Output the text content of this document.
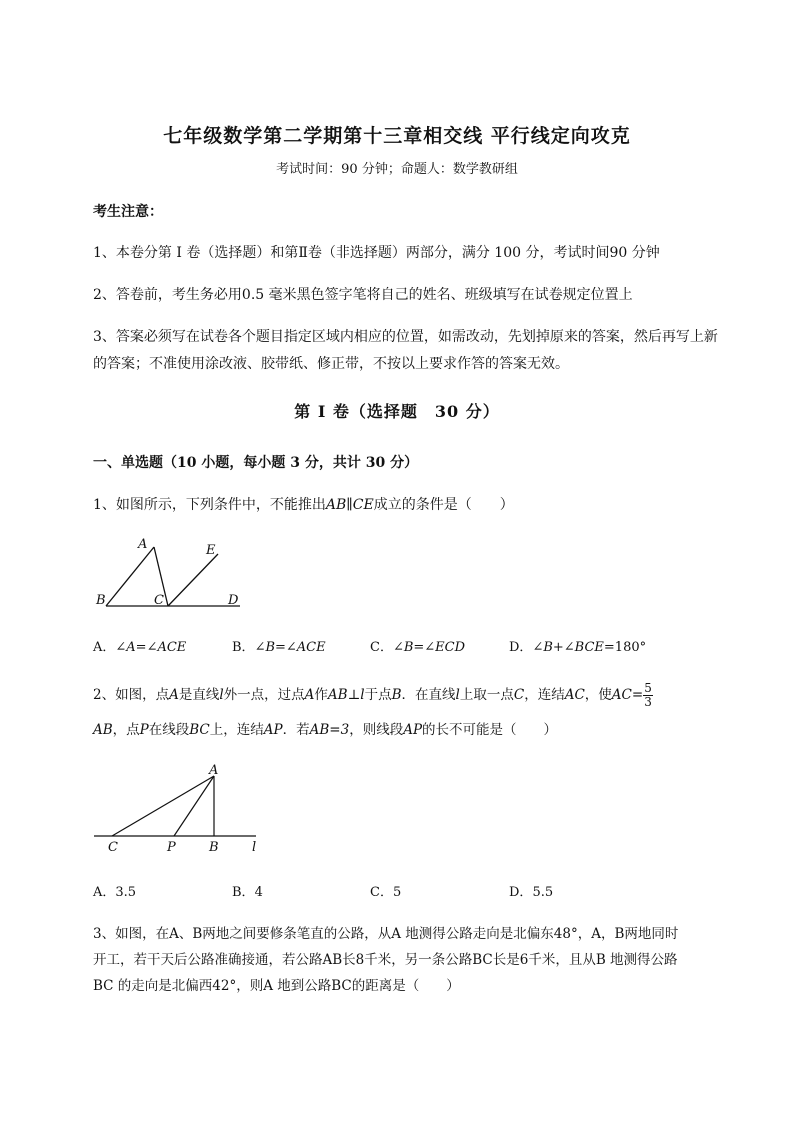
七年级数学第二学期第十三章相交线 平行线定向攻克
考试时间：90 分钟；命题人：数学教研组
考生注意：
1、本卷分第 I 卷（选择题）和第Ⅱ卷（非选择题）两部分，满分 100 分，考试时间90 分钟
2、答卷前，考生务必用0.5 毫米黑色签字笔将自己的姓名、班级填写在试卷规定位置上
3、答案必须写在试卷各个题目指定区域内相应的位置，如需改动，先划掉原来的答案，然后再写上新
的答案；不准使用涂改液、胶带纸、修正带，不按以上要求作答的答案无效。
第 I 卷（选择题　30 分）
一、单选题（10 小题，每小题 3 分，共计 30 分）
1、如图所示，下列条件中，不能推出AB∥CE成立的条件是（　　）
A	E
B	C	D
A．∠A=∠ACE	B．∠B=∠ACE	C．∠B=∠ECD	D．∠B+∠BCE=180°
2、如图，点A是直线l外一点，过点A作AB⊥l于点B．在直线l上取一点C，连结AC，使$AC= \frac{5}{3}$
AB，点P在线段BC上，连结AP．若AB=3，则线段AP的长不可能是（　　）
A
C	P	B	l
A．3.5	B．4	C．5	D．5.5
3、如图，在A、B两地之间要修条笔直的公路，从A 地测得公路走向是北偏东48°，A，B两地同时
开工，若干天后公路准确接通，若公路AB长8千米，另一条公路BC长是6千米，且从B 地测得公路
BC 的走向是北偏西42°，则A 地到公路BC的距离是（　　）
